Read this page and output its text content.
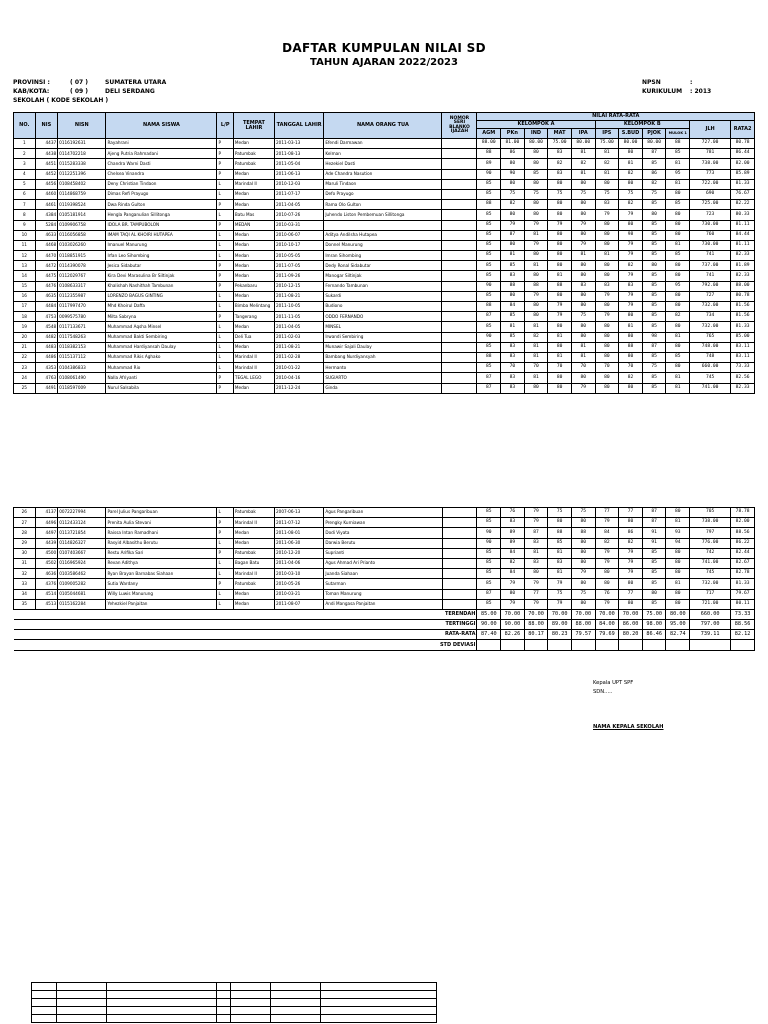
DAFTAR KUMPULAN NILAI SD
TAHUN AJARAN 2022/2023
PROVINSI :	( 07 )	SUMATERA UTARA
KAB/KOTA:	( 09 )	DELI SERDANG
SEKOLAH ( KODE SEKOLAH )
NPSN	:
KURIKULUM : 2013
NO.	NIS	NISN	NAMA SISWA	L/P	TEMPAT LAHIR	TANGGAL LAHIR	NAMA ORANG TUA	NOMOR SERI BLANKO IJAZAH	NILAI RATA-RATA										
									KELOMPOK A					KELOMPOK B				JLH	RATA2
									AGM	PKn	IND	MAT	IPA	IPS	S.BUD	PJOK	MULOK 1		
1	4437	0116192631	Rayahrani	P	Medan	2011-03-13	Efendi Darmawan		88.00	81.00	80.00	75.00	80.00	75.00	80.00	80.00	88	727.00	80.78
2	4438	0114702218	Ajeng Putria Rahmadani	P	Patumbak	2011-08-13	Kelman		88	86	80	83	81	81	80	87	85	781	86.44
3	4451	0115283338	Chandra Warni Dasti	P	Patumbak	2011-05-04	Hezekiel Dasti		89	80	80	82	82	82	81	85	81	738.00	82.00
4	4452	0112251396	Chelsea Vinandra	P	Medan	2011-06-13	Ade Chandra Nasution		90	90	85	83	81	81	82	86	95	773	85.89
5	4456	0108458402	Deny Christian Tindaon	L	Marindal II	2010-12-03	Maruli Tindaon		85	80	80	80	80	80	80	82	81	722.00	81.33
6	4460	0114868759	Dimas Refi Prayugo	L	Medan	2011-07-17	Defo Prayugo		85	75	75	75	75	75	75	75	80	690	76.67
7	4461	0119398524	Dwa Rinda Gulton	P	Medan	2011-04-05	Rama Olo Gulton		88	82	80	80	80	83	82	85	85	725.00	82.22
8	4384	0105181914	Hengla Panganulian Sillitonga	L	Batu Mas	2010-07-26	Juhendo Liston Pembemuan Sillitonga		85	80	80	80	80	79	79	80	80	723	80.33
9	5284	0109906758	IDOLA BR. TAMPUBOLON	P	MEDAN	2010-03-31			85	79	79	79	79	80	80	85	80	730.00	81.11
10	4633	0116056858	IMAM TAQI AL KHOIRI HUTAPEA	L	Medan	2010-06-07	Aditya Andilsha Hutapea		85	87	81	80	80	80	98	85	80	760	84.44
11	4468	0103026260	Imanuel Manurung	L	Medan	2010-10-17	Donnel Manurung		85	80	79	80	79	80	79	85	81	730.00	81.11
12	4470	0118851915	Irfan Leo Sihombing	L	Medan	2010-05-05	Imran Sihombing		85	81	80	80	81	81	79	85	85	741	82.33
13	4472	0114390078	Jesica Sidabutar	P	Medan	2011-07-05	Dedy Ronal Sidabutar		85	85	81	80	80	80	82	80	80	737.00	81.89
14	4475	0112029767	Kira Devi Marasulina Br Siltinjak	P	Medan	2011-09-26	Manogar Siltinjak		85	83	80	81	80	80	79	85	80	741	82.33
15	4476	0108633317	Khalishah Nashithah Tambunan	P	Pekanbaru	2010-12-15	Fernando Tambunan		90	88	88	88	83	83	83	85	95	792.00	88.00
16	4635	0112355987	LORENZO BAGUS GINTING	L	Medan	2011-08-21	Sukardi		85	80	79	80	80	79	79	85	80	727	80.78
17	4484	0117997470	Mhd Khoirul Daffa	L	Bimba Melintang	2011-10-05	Budiono		88	84	80	79	80	80	79	85	80	732.00	81.56
18	4753	0099575780	Milta Sabryna	P	Tangerang	2011-11-05	ODDO FERNANDO		87	85	80	79	75	79	80	85	82	734	81.56
19	4548	0117133671	Muhammad Aqsha Minsel	L	Medan	2011-04-05	MINSEL		85	81	81	80	80	80	81	85	80	732.00	81.33
20	4482	0117548263	Muhammad Bakti Sembiring	L	Deli Tua	2011-02-03	Irwandi Sembiring		90	85	82	81	80	80	80	98	81	765	85.00
21	4483	0118382153	Muhammad Hardiyansah Daulay	L	Medan	2011-08-21	Munawir Sajali Daulay		85	83	81	80	81	80	88	87	80	748.00	83.11
22	4486	0115137112	Muhammad Rikis Aghako	L	Marindal II	2011-02-28	Bambang Nurdiyansyah		88	83	81	81	81	80	80	85	85	748	83.11
23	4353	0104386833	Muhammad Rio	L	Marindal II	2010-01-22	Hermanto		85	70	70	70	70	70	70	75	80	660.00	73.33
24	4763	0108061490	Nalla Afriyanti	P	TEGAL LEGO	2010-04-16	SUGIARTO		87	83	81	80	80	80	82	85	81	745	82.56
25	4491	0118597009	Nurul Salsabila	P	Medan	2011-12-24	Ginda		87	83	80	80	79	80	80	85	81	741.00	82.33
26	4137	0072227994	Parel Julius Pangaribuan	L	Patumbak	2007-06-13	Agus Pangaribuan		85	76	79	75	75	77	77	87	80	705	78.78
27	4496	0112433124	Prenita Aulia Stevani	P	Marindal II	2011-07-12	Prengky Kurniawan		85	83	79	80	80	79	80	87	81	738.00	82.00
28	4497	0113721854	Raissa Intan Ramadhani	P	Medan	2011-08-01	Dodi Viyata		90	89	87	88	88	84	86	91	93	797	88.56
29	4439	0114826327	Rasyid Albasithu Berutu	L	Medan	2011-06-30	Darwia Berutu		90	89	83	85	80	82	82	91	94	776.00	86.22
30	4500	0107403667	Restu Arifika Sari	P	Patumbak	2010-12-20	Suprianti		85	84	81	81	80	79	79	85	80	742	82.44
31	4502	0116965924	Revan Adithya	L	Bagan Batu	2011-04-06	Agus Ahmad Ari Prianto		85	82	83	83	80	79	79	85	80	741.00	82.67
32	4636	0103586462	Ryan Brayan Barnabas Siahaan	L	Marindal II	2010-03-10	Juanda Siahaan		85	84	80	81	79	80	79	85	80	745	82.78
33	4376	0109005282	Sutia Wardany	P	Patumbak	2010-05-26	Sutarman		85	79	79	79	80	80	80	85	81	732.00	81.33
34	4514	0105044681	Willy Luwis Manurung	L	Medan	2010-03-21	Toman Manurung		87	80	77	75	75	76	77	80	80	717	79.67
35	4513	0115162284	Yehezkiel Panjaitan	L	Medan	2011-08-07	Andi Mangasa Panjaitan		85	79	79	79	80	79	80	85	80	721.00	80.11
TERENDAH									85.00	70.00	70.00	70.00	70.00	70.00	70.00	75.00	80.00	660.00	73.33
TERTINGGI									90.00	90.00	88.00	89.00	88.00	84.00	86.00	98.00	95.00	797.00	88.56
RATA-RATA									87.40	82.26	80.17	80.23	79.57	79.69	80.20	86.46	82.74	739.11	82.12
STD DEVIASI																			
Kepala UPT SPF
SDN.....
NAMA KEPALA SEKOLAH
